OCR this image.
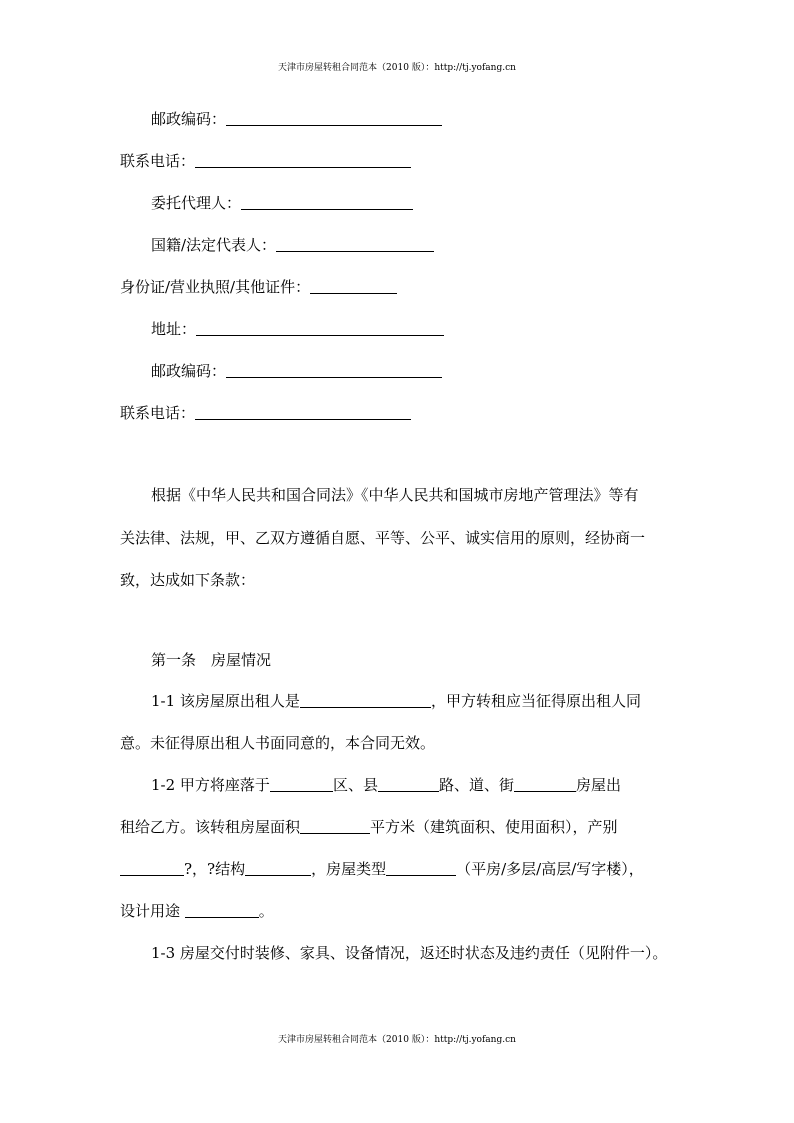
天津市房屋转租合同范本（2010 版）：http://tj.yofang.cn
邮政编码：
联系电话：
委托代理人：
国籍/法定代表人：
身份证/营业执照/其他证件：
地址：
邮政编码：
联系电话：
根据《中华人民共和国合同法》《中华人民共和国城市房地产管理法》等有
关法律、法规，甲、乙双方遵循自愿、平等、公平、诚实信用的原则，经协商一
致，达成如下条款：
第一条　房屋情况
1-1 该房屋原出租人是	，甲方转租应当征得原出租人同
意。未征得原出租人书面同意的，本合同无效。
1-2 甲方将座落于	区、县	路、道、街	房屋出
租给乙方。该转租房屋面积	平方米（建筑面积、使用面积），产别
?，?结构	，房屋类型	（平房/多层/高层/写字楼），
设计用途	。
1-3 房屋交付时装修、家具、设备情况，返还时状态及违约责任（见附件一）。
天津市房屋转租合同范本（2010 版）：http://tj.yofang.cn
